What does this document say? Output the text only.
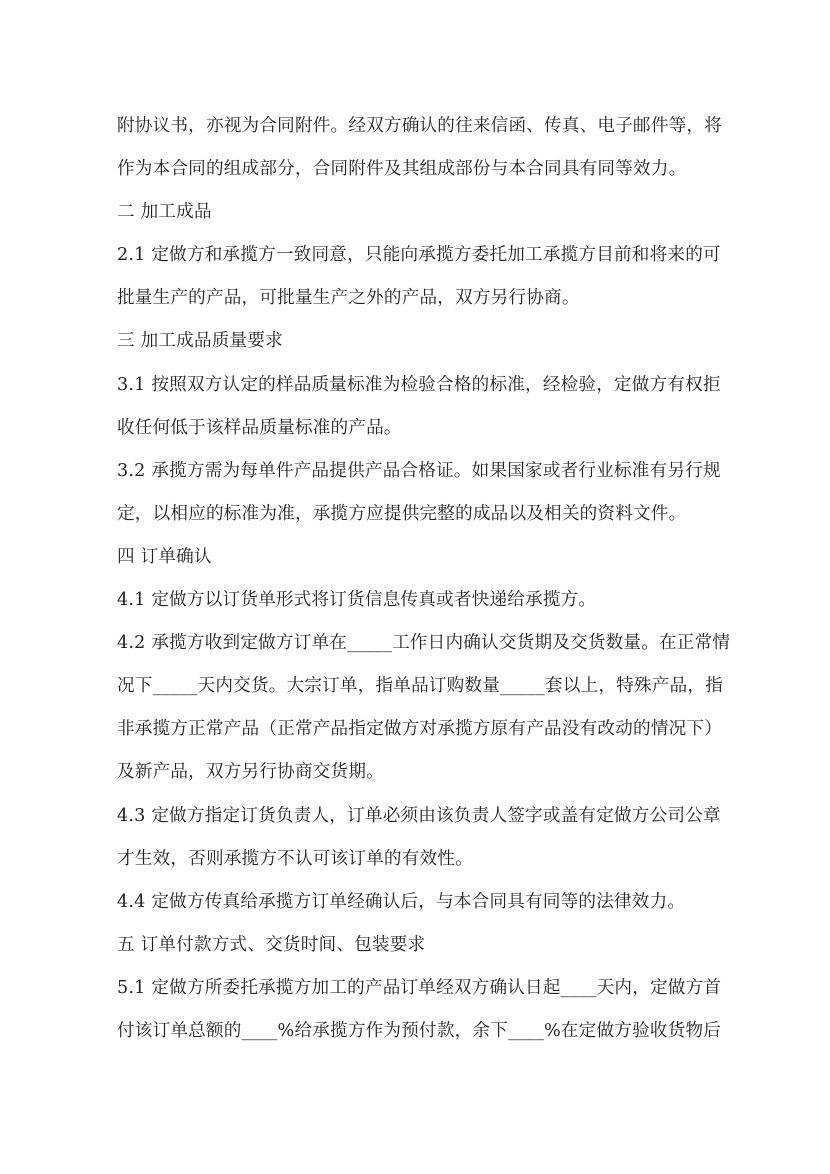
附协议书，亦视为合同附件。经双方确认的往来信函、传真、电子邮件等，将
作为本合同的组成部分，合同附件及其组成部份与本合同具有同等效力。
二 加工成品
2.1 定做方和承揽方一致同意，只能向承揽方委托加工承揽方目前和将来的可
批量生产的产品，可批量生产之外的产品，双方另行协商。
三 加工成品质量要求
3.1 按照双方认定的样品质量标准为检验合格的标准，经检验，定做方有权拒
收任何低于该样品质量标准的产品。
3.2 承揽方需为每单件产品提供产品合格证。如果国家或者行业标准有另行规
定，以相应的标准为准，承揽方应提供完整的成品以及相关的资料文件。
四 订单确认
4.1 定做方以订货单形式将订货信息传真或者快递给承揽方。
4.2 承揽方收到定做方订单在_____工作日内确认交货期及交货数量。在正常情
况下_____天内交货。大宗订单，指单品订购数量_____套以上，特殊产品，指
非承揽方正常产品（正常产品指定做方对承揽方原有产品没有改动的情况下）
及新产品，双方另行协商交货期。
4.3 定做方指定订货负责人，订单必须由该负责人签字或盖有定做方公司公章
才生效，否则承揽方不认可该订单的有效性。
4.4 定做方传真给承揽方订单经确认后，与本合同具有同等的法律效力。
五 订单付款方式、交货时间、包装要求
5.1 定做方所委托承揽方加工的产品订单经双方确认日起____天内，定做方首
付该订单总额的____%给承揽方作为预付款，余下____%在定做方验收货物后
